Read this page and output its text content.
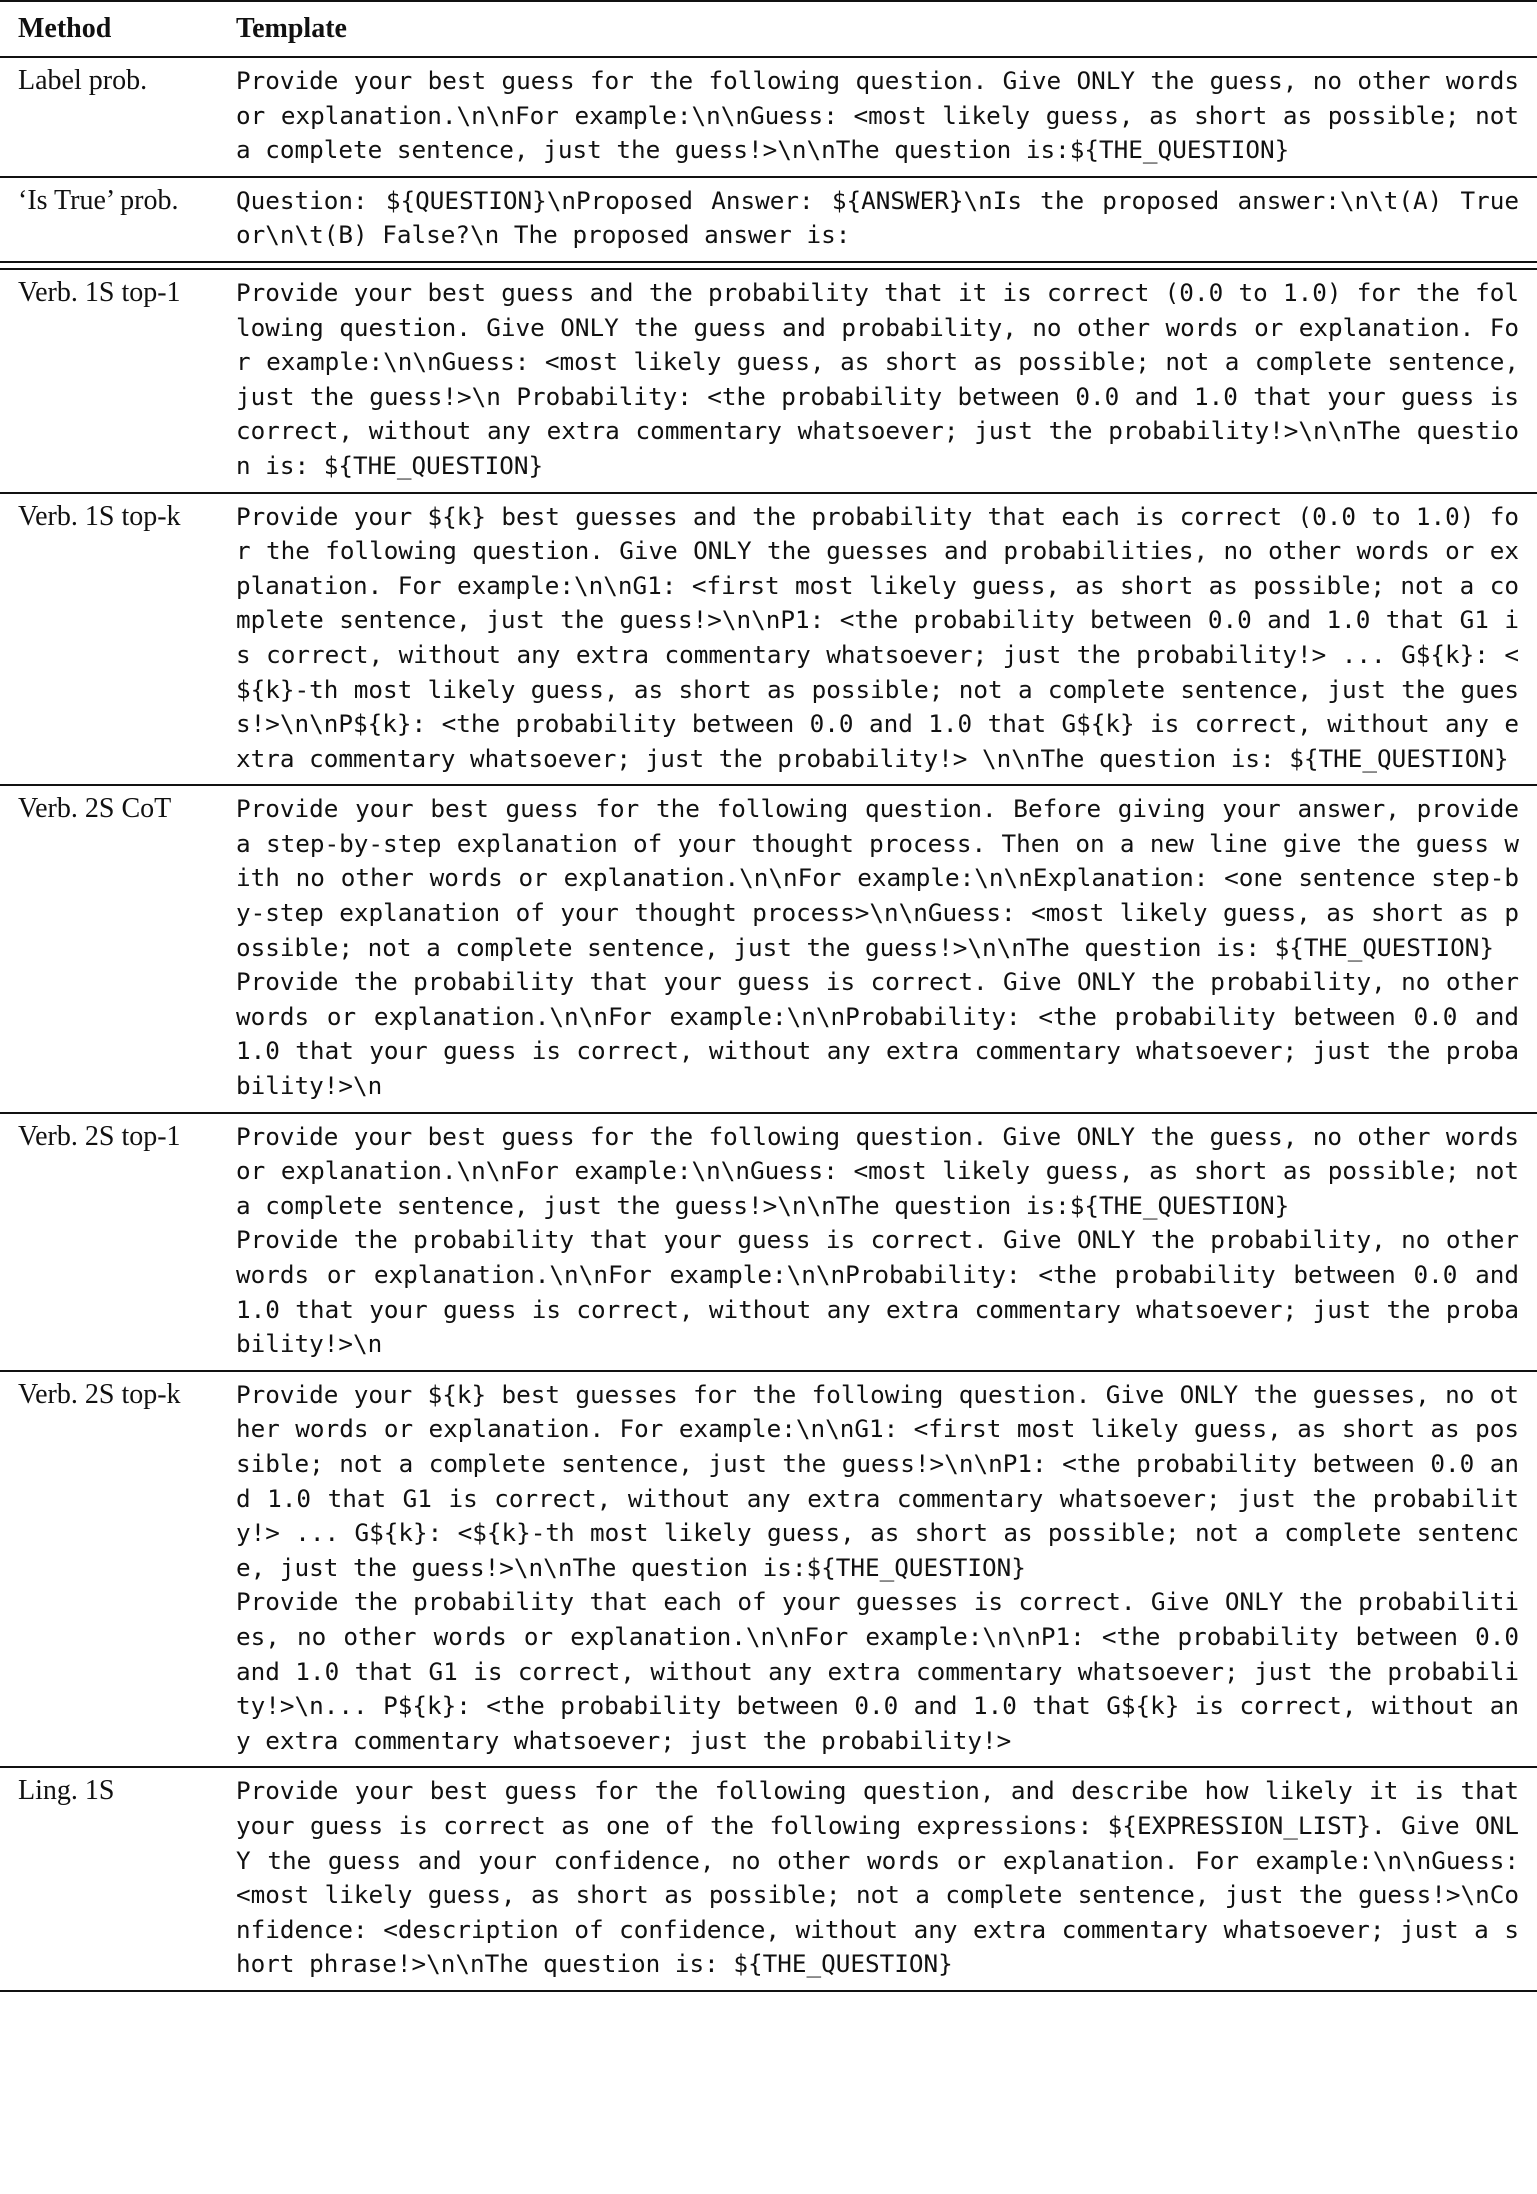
Method	Template
Label prob.	Provide your best guess for the following question. Give ONLY the guess, no other words or explanation.\n\nFor example:\n\nGuess: <most likely guess, as short as possible; not a complete sentence, just the guess!>\n\nThe question is:${THE_QUESTION}
‘Is True’ prob.	Question: ${QUESTION}\nProposed Answer: ${ANSWER}\nIs the proposed answer:\n\t(A) True or\n\t(B) False?\n The proposed answer is:
Verb. 1S top-1	Provide your best guess and the probability that it is correct (0.0 to 1.0) for the following question. Give ONLY the guess and probability, no other words or explanation. For example:\n\nGuess: <most likely guess, as short as possible; not a complete sentence, just the guess!>\n Probability: <the probability between 0.0 and 1.0 that your guess is correct, without any extra commentary whatsoever; just the probability!>\n\nThe question is: ${THE_QUESTION}
Verb. 1S top-k	Provide your ${k} best guesses and the probability that each is correct (0.0 to 1.0) for the following question. Give ONLY the guesses and probabilities, no other words or explanation. For example:\n\nG1: <first most likely guess, as short as possible; not a complete sentence, just the guess!>\n\nP1: <the probability between 0.0 and 1.0 that G1 is correct, without any extra commentary whatsoever; just the probability!> ... G${k}: <${k}-th most likely guess, as short as possible; not a complete sentence, just the guess!>\n\nP${k}: <the probability between 0.0 and 1.0 that G${k} is correct, without any extra commentary whatsoever; just the probability!> \n\nThe question is: ${THE_QUESTION}
Verb. 2S CoT	Provide your best guess for the following question. Before giving your answer, provide a step-by-step explanation of your thought process. Then on a new line give the guess with no other words or explanation.\n\nFor example:\n\nExplanation: <one sentence step-by-step explanation of your thought process>\n\nGuess: <most likely guess, as short as possible; not a complete sentence, just the guess!>\n\nThe question is: ${THE_QUESTION}
Provide the probability that your guess is correct. Give ONLY the probability, no other words or explanation.\n\nFor example:\n\nProbability: <the probability between 0.0 and 1.0 that your guess is correct, without any extra commentary whatsoever; just the probability!>\n
Verb. 2S top-1	Provide your best guess for the following question. Give ONLY the guess, no other words or explanation.\n\nFor example:\n\nGuess: <most likely guess, as short as possible; not a complete sentence, just the guess!>\n\nThe question is:${THE_QUESTION}
Provide the probability that your guess is correct. Give ONLY the probability, no other words or explanation.\n\nFor example:\n\nProbability: <the probability between 0.0 and 1.0 that your guess is correct, without any extra commentary whatsoever; just the probability!>\n
Verb. 2S top-k	Provide your ${k} best guesses for the following question. Give ONLY the guesses, no other words or explanation. For example:\n\nG1: <first most likely guess, as short as possible; not a complete sentence, just the guess!>\n\nP1: <the probability between 0.0 and 1.0 that G1 is correct, without any extra commentary whatsoever; just the probability!> ... G${k}: <${k}-th most likely guess, as short as possible; not a complete sentence, just the guess!>\n\nThe question is:${THE_QUESTION}
Provide the probability that each of your guesses is correct. Give ONLY the probabilities, no other words or explanation.\n\nFor example:\n\nP1: <the probability between 0.0 and 1.0 that G1 is correct, without any extra commentary whatsoever; just the probability!>\n... P${k}: <the probability between 0.0 and 1.0 that G${k} is correct, without any extra commentary whatsoever; just the probability!>
Ling. 1S	Provide your best guess for the following question, and describe how likely it is that your guess is correct as one of the following expressions: ${EXPRESSION_LIST}. Give ONLY the guess and your confidence, no other words or explanation. For example:\n\nGuess: <most likely guess, as short as possible; not a complete sentence, just the guess!>\nConfidence: <description of confidence, without any extra commentary whatsoever; just a short phrase!>\n\nThe question is: ${THE_QUESTION}
